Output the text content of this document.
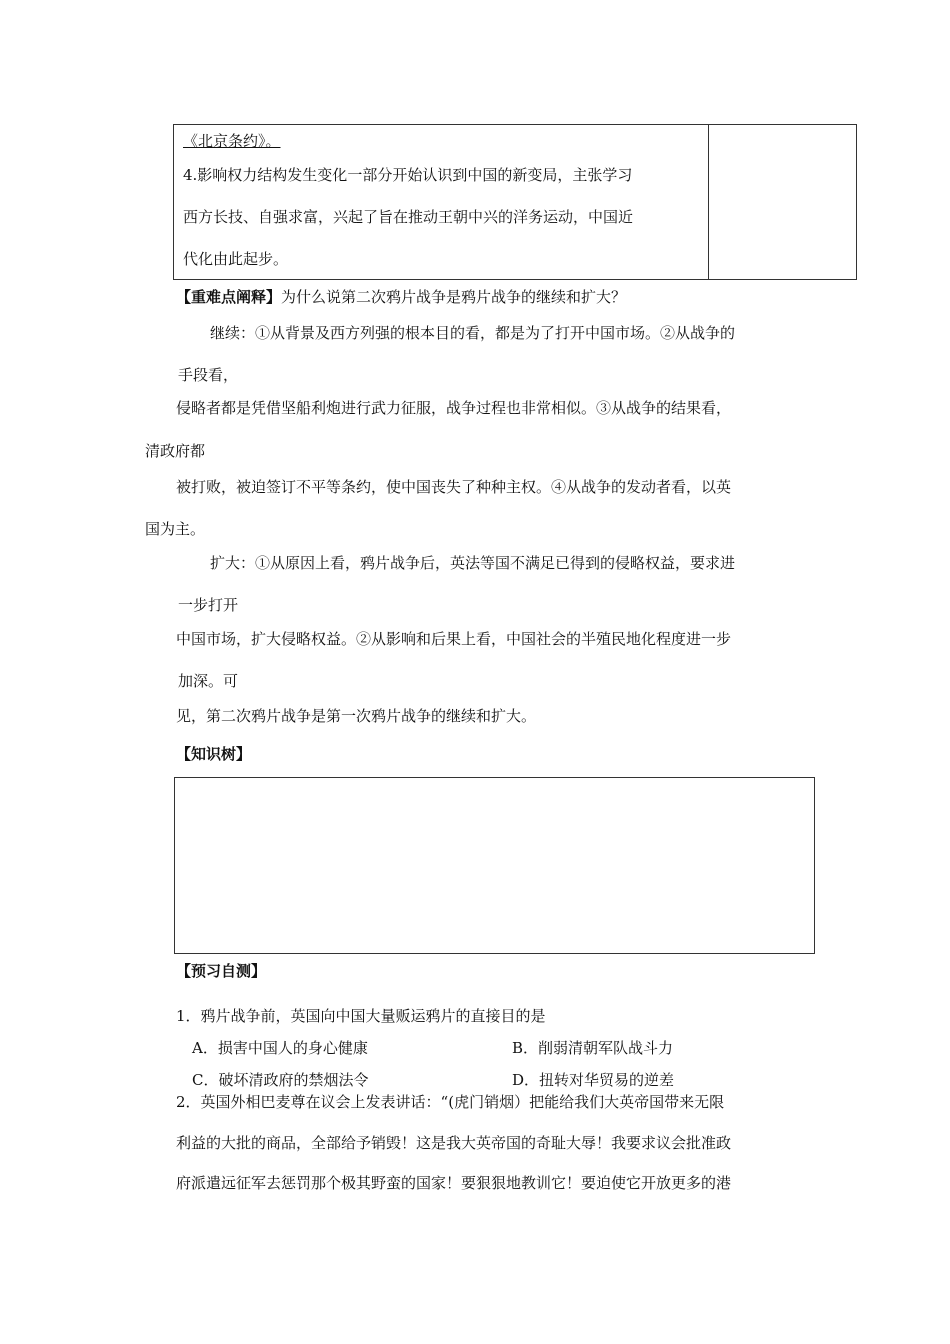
《北京条约》。
4.影响权力结构发生变化一部分开始认识到中国的新变局，主张学习
西方长技、自强求富，兴起了旨在推动王朝中兴的洋务运动，中国近
代化由此起步。
【重难点阐释】为什么说第二次鸦片战争是鸦片战争的继续和扩大？
继续：①从背景及西方列强的根本目的看，都是为了打开中国市场。②从战争的
手段看，
侵略者都是凭借坚船利炮进行武力征服，战争过程也非常相似。③从战争的结果看，
清政府都
被打败，被迫签订不平等条约，使中国丧失了种种主权。④从战争的发动者看，以英
国为主。
扩大：①从原因上看，鸦片战争后，英法等国不满足已得到的侵略权益，要求进
一步打开
中国市场，扩大侵略权益。②从影响和后果上看，中国社会的半殖民地化程度进一步
加深。可
见，第二次鸦片战争是第一次鸦片战争的继续和扩大。
【知识树】
【预习自测】
1．鸦片战争前，英国向中国大量贩运鸦片的直接目的是
A．损害中国人的身心健康	B．削弱清朝军队战斗力
C．破坏清政府的禁烟法令	D．扭转对华贸易的逆差
2．英国外相巴麦尊在议会上发表讲话：“(虎门销烟）把能给我们大英帝国带来无限
利益的大批的商品，全部给予销毁！这是我大英帝国的奇耻大辱！我要求议会批准政
府派遣远征军去惩罚那个极其野蛮的国家！要狠狠地教训它！要迫使它开放更多的港
